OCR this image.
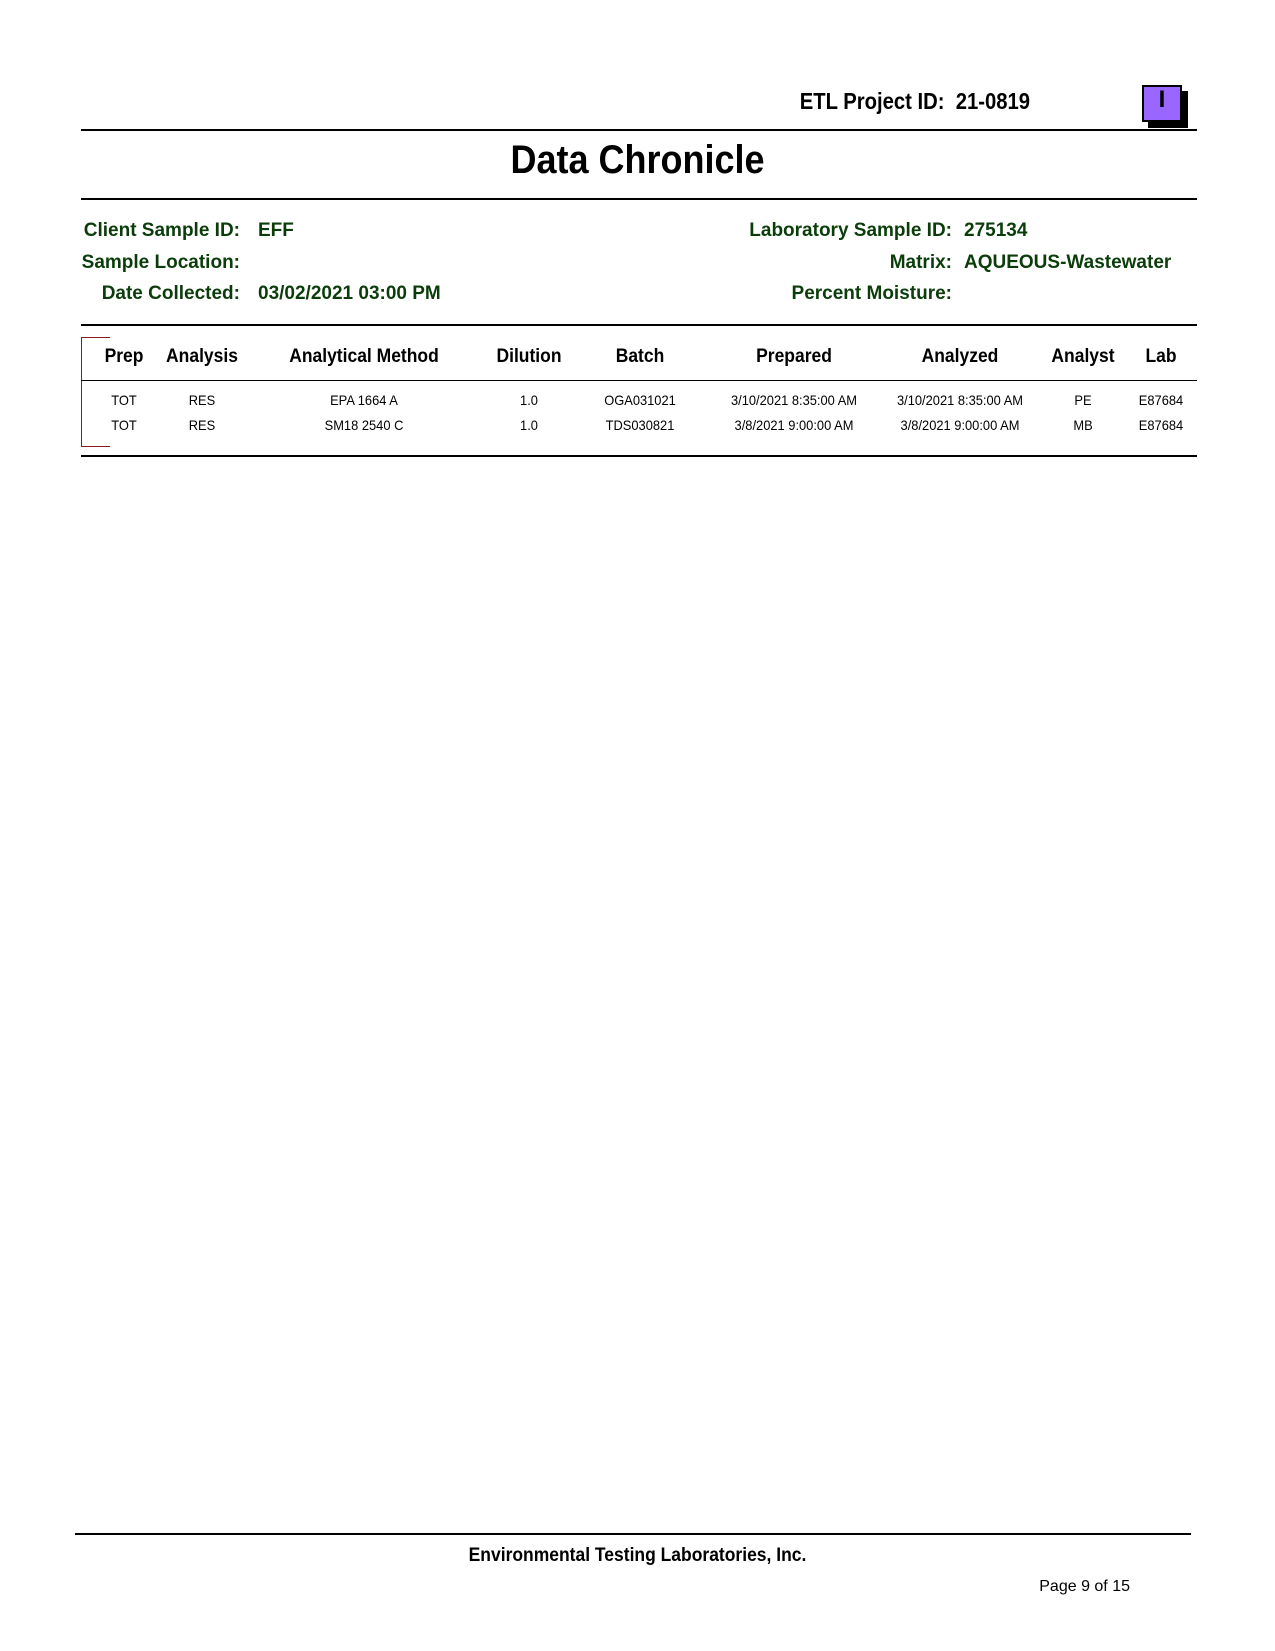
ETL Project ID: 21-0819	I
Data Chronicle
Client Sample ID: EFF
Sample Location:
Date Collected: 03/02/2021 03:00 PM
Laboratory Sample ID: 275134
Matrix: AQUEOUS-Wastewater
Percent Moisture:
Prep	Analysis	Analytical Method	Dilution	Batch	Prepared	Analyzed	Analyst	Lab
TOT	RES	EPA 1664 A	1.0	OGA031021	3/10/2021 8:35:00 AM	3/10/2021 8:35:00 AM	PE	E87684
TOT	RES	SM18 2540 C	1.0	TDS030821	3/8/2021 9:00:00 AM	3/8/2021 9:00:00 AM	MB	E87684
Environmental Testing Laboratories, Inc.
Page 9 of 15
